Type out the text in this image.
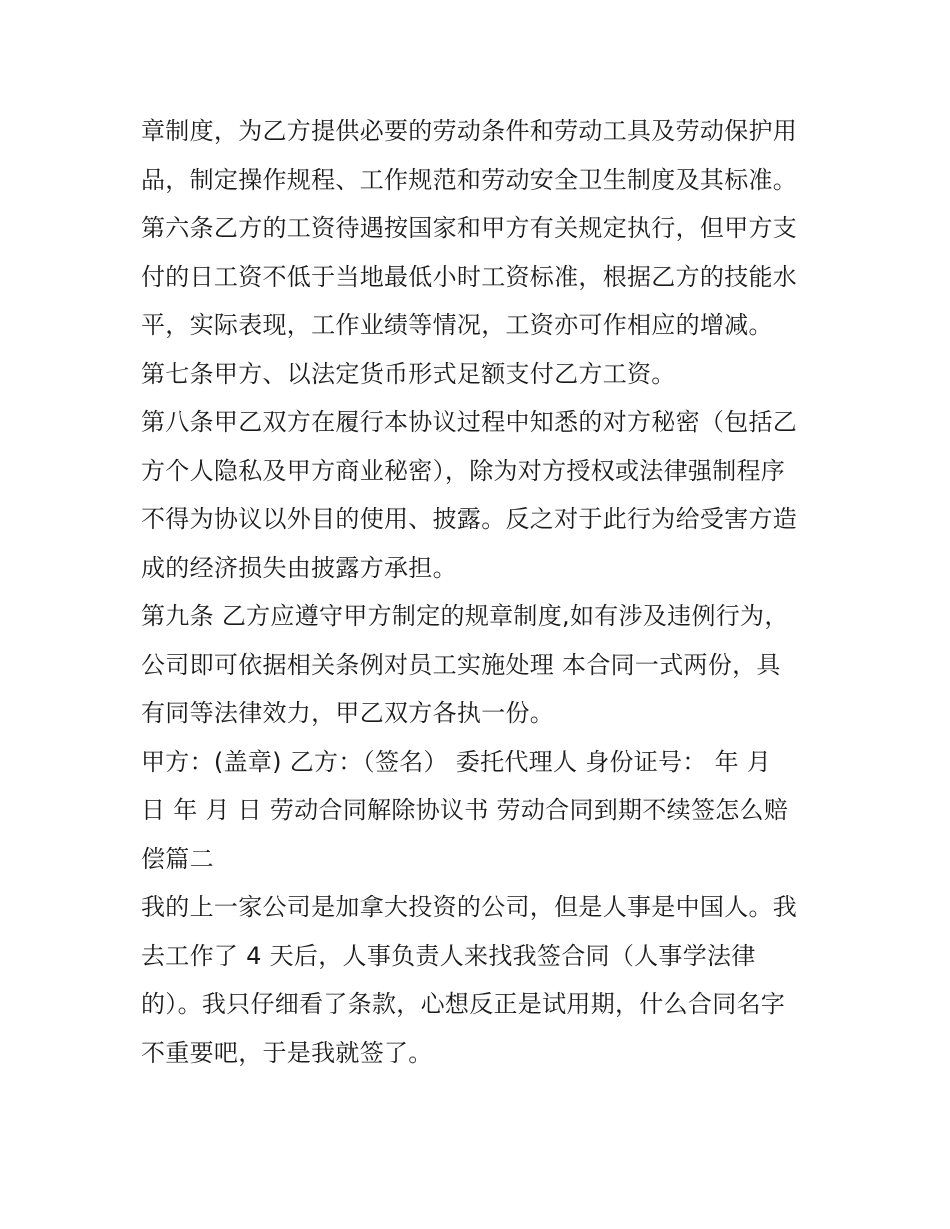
章制度，为乙方提供必要的劳动条件和劳动工具及劳动保护用
品，制定操作规程、工作规范和劳动安全卫生制度及其标准。
第六条乙方的工资待遇按国家和甲方有关规定执行，但甲方支
付的日工资不低于当地最低小时工资标准，根据乙方的技能水
平，实际表现，工作业绩等情况，工资亦可作相应的增减。
第七条甲方、以法定货币形式足额支付乙方工资。
第八条甲乙双方在履行本协议过程中知悉的对方秘密（包括乙
方个人隐私及甲方商业秘密），除为对方授权或法律强制程序
不得为协议以外目的使用、披露。反之对于此行为给受害方造
成的经济损失由披露方承担。
第九条 乙方应遵守甲方制定的规章制度,如有涉及违例行为，
公司即可依据相关条例对员工实施处理 本合同一式两份，具
有同等法律效力，甲乙双方各执一份。
甲方：(盖章) 乙方：（签名） 委托代理人 身份证号： 年 月
日 年 月 日 劳动合同解除协议书 劳动合同到期不续签怎么赔
偿篇二
我的上一家公司是加拿大投资的公司，但是人事是中国人。我
去工作了 4 天后，人事负责人来找我签合同（人事学法律
的）。我只仔细看了条款，心想反正是试用期，什么合同名字
不重要吧，于是我就签了。
